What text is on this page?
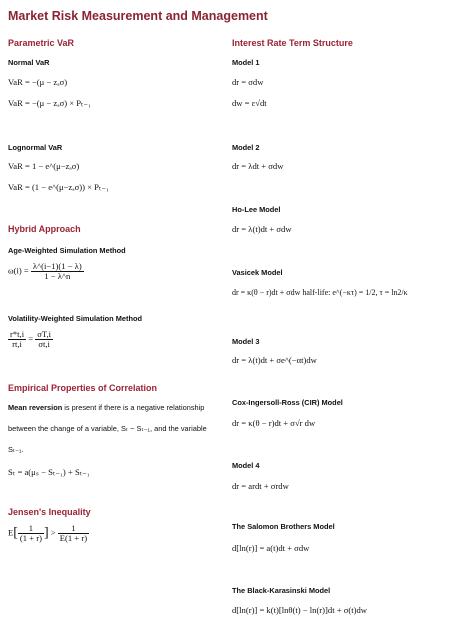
Market Risk Measurement and Management
Parametric VaR
Normal VaR
VaR = −(μ − zₐσ)
VaR = −(μ − zₐσ) × Pₜ₋₁
Lognormal VaR
VaR = 1 − e^(μ−zₐσ)
VaR = (1 − e^(μ−zₐσ)) × Pₜ₋₁
Hybrid Approach
Age-Weighted Simulation Method
$\omega(i) = \frac{\lambda\^{}(i-1)(1 - \lambda)}{1 - \lambda\^{}n}$
Volatility-Weighted Simulation Method
$\frac{r*t,i}{rt,i} = \frac{\sigma T,i}{\sigma t,i}$
Empirical Properties of Correlation
Mean reversion is present if there is a negative relationship between the change of a variable, Sₜ − Sₜ₋₁, and the variable Sₜ₋₁.
Sₜ = a(μₛ − Sₜ₋₁) + Sₜ₋₁
Jensen's Inequality
$E[ \frac{1}{(1 + r)}$ ] > $\frac{1}{E(1 + r)}$
Interest Rate Term Structure
Model 1
dr = σdw
dw = ε√dt
Model 2
dr = λdt + σdw
Ho-Lee Model
dr = λ(t)dt + σdw
Vasicek Model
dr = κ(θ − r)dt + σdw half-life: e^(−κτ) = 1/2, τ = ln2/κ
Model 3
dr = λ(t)dt + σe^(−αt)dw
Cox-Ingersoll-Ross (CIR) Model
dr = κ(θ − r)dt + σ√r dw
Model 4
dr = ardt + σrdw
The Salomon Brothers Model
d[ln(r)] = a(t)dt + σdw
The Black-Karasinski Model
d[ln(r)] = k(t)[lnθ(t) − ln(r)]dt + σ(t)dw
